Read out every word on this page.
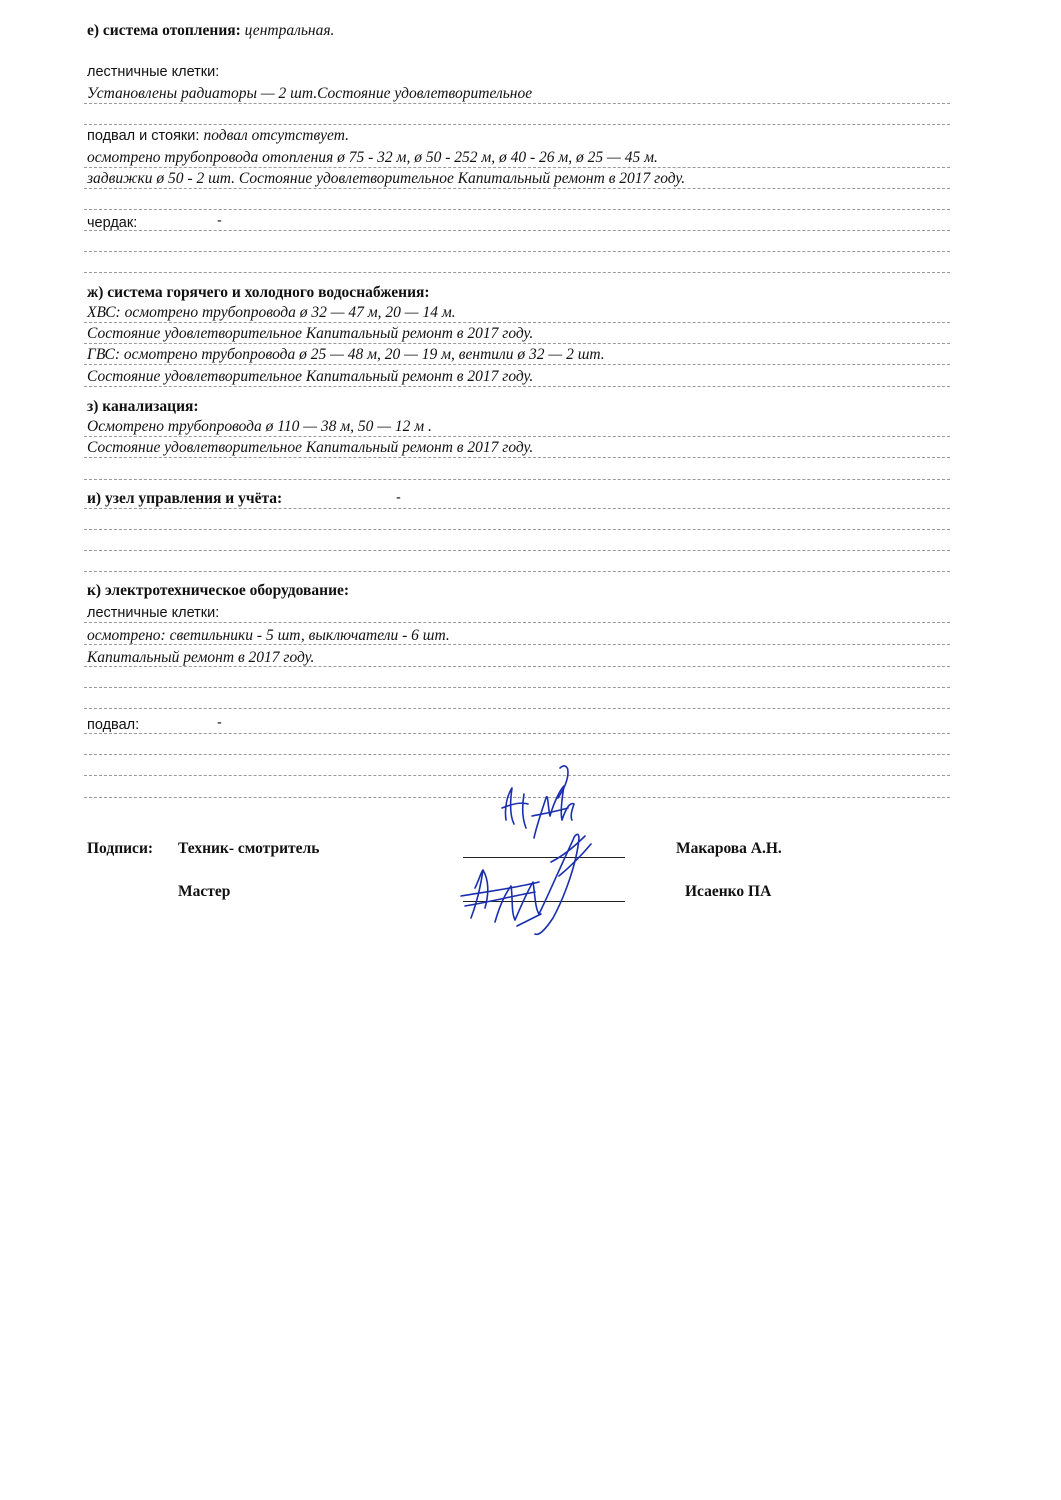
е) система отопления: центральная.
лестничные клетки:
Установлены радиаторы — 2 шт.Состояние удовлетворительное
подвал и стояки: подвал отсутствует.
осмотрено трубопровода отопления ø 75 - 32 м, ø 50 - 252 м, ø 40 - 26 м, ø 25 — 45 м.
задвижки ø 50 - 2 шт. Состояние удовлетворительное Капитальный ремонт в 2017 году.
чердак:	-
ж) система горячего и холодного водоснабжения:
ХВС: осмотрено трубопровода ø 32 — 47 м, 20 — 14 м.
Состояние удовлетворительное Капитальный ремонт в 2017 году.
ГВС: осмотрено трубопровода ø 25 — 48 м, 20 — 19 м, вентили ø 32 — 2 шт.
Состояние удовлетворительное Капитальный ремонт в 2017 году.
з) канализация:
Осмотрено трубопровода ø 110 — 38 м, 50 — 12 м .
Состояние удовлетворительное Капитальный ремонт в 2017 году.
и) узел управления и учёта:	-
к) электротехническое оборудование:
лестничные клетки:
осмотрено: светильники - 5 шт, выключатели - 6 шт.
Капитальный ремонт в 2017 году.
подвал:	-
Подписи: Техник- смотритель	Макарова А.Н.
Мастер	Исаенко ПА
